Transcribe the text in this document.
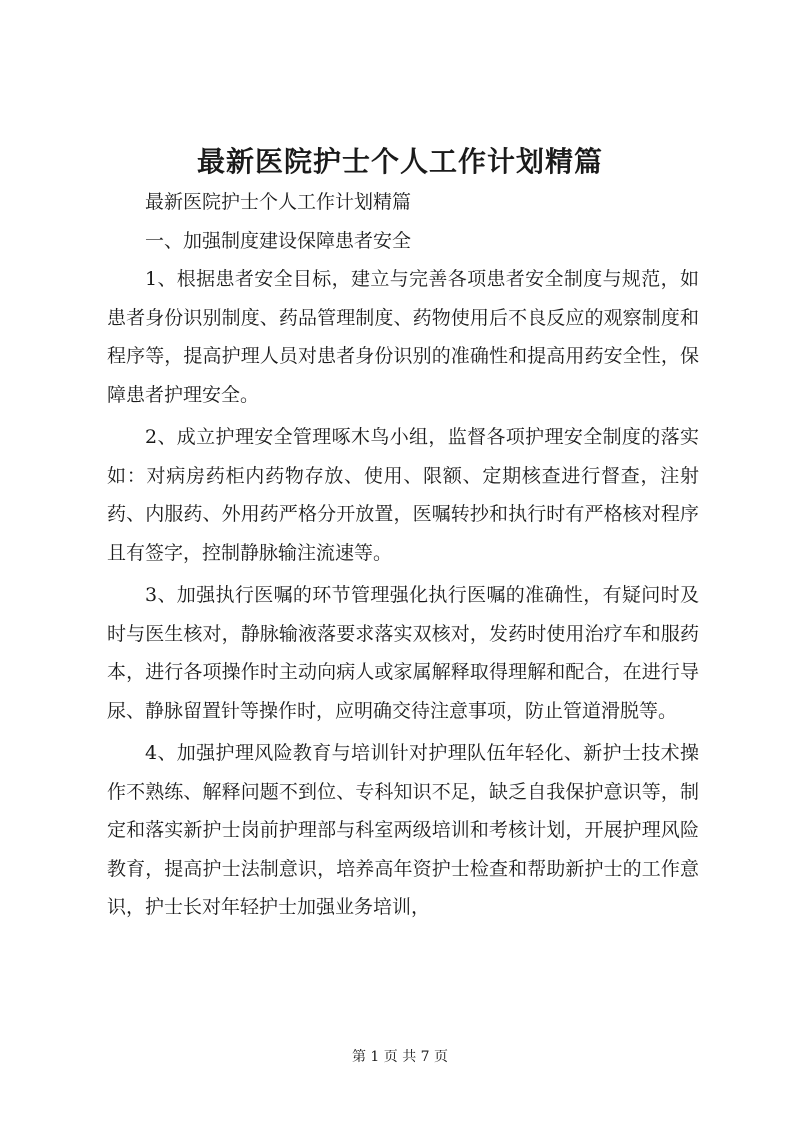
最新医院护士个人工作计划精篇

最新医院护士个人工作计划精篇

一、加强制度建设保障患者安全

1、根据患者安全目标，建立与完善各项患者安全制度与规范，如患者身份识别制度、药品管理制度、药物使用后不良反应的观察制度和程序等，提高护理人员对患者身份识别的准确性和提高用药安全性，保障患者护理安全。

2、成立护理安全管理啄木鸟小组，监督各项护理安全制度的落实如：对病房药柜内药物存放、使用、限额、定期核查进行督查，注射药、内服药、外用药严格分开放置，医嘱转抄和执行时有严格核对程序且有签字，控制静脉输注流速等。

3、加强执行医嘱的环节管理强化执行医嘱的准确性，有疑问时及时与医生核对，静脉输液落要求落实双核对，发药时使用治疗车和服药本，进行各项操作时主动向病人或家属解释取得理解和配合，在进行导尿、静脉留置针等操作时，应明确交待注意事项，防止管道滑脱等。

4、加强护理风险教育与培训针对护理队伍年轻化、新护士技术操作不熟练、解释问题不到位、专科知识不足，缺乏自我保护意识等，制定和落实新护士岗前护理部与科室两级培训和考核计划，开展护理风险教育，提高护士法制意识，培养高年资护士检查和帮助新护士的工作意识，护士长对年轻护士加强业务培训，

第 1 页 共 7 页
